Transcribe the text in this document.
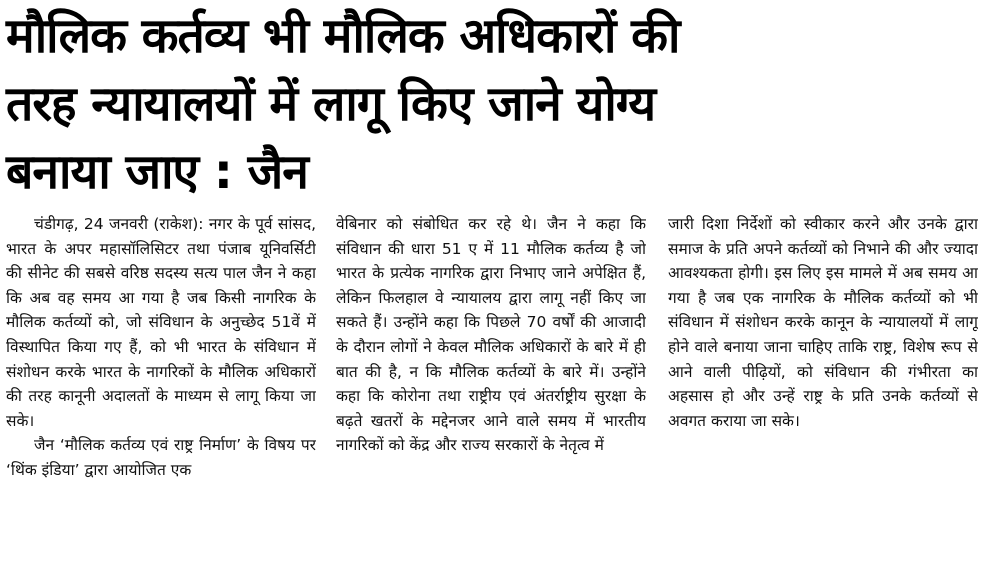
मौलिक कर्तव्य भी मौलिक अधिकारों की
तरह न्यायालयों में लागू किए जाने योग्य
बनाया जाए : जैन

चंडीगढ़, 24 जनवरी (राकेश): नगर के पूर्व सांसद, भारत के अपर महासॉलिसिटर तथा पंजाब यूनिवर्सिटी की सीनेट की सबसे वरिष्ठ सदस्य सत्य पाल जैन ने कहा कि अब वह समय आ गया है जब किसी नागरिक के मौलिक कर्तव्यों को, जो संविधान के अनुच्छेद 51वें में विस्थापित किया गए हैं, को भी भारत के संविधान में संशोधन करके भारत के नागरिकों के मौलिक अधिकारों की तरह कानूनी अदालतों के माध्यम से लागू किया जा सके।

जैन ‘मौलिक कर्तव्य एवं राष्ट्र निर्माण’ के विषय पर ‘थिंक इंडिया’ द्वारा आयोजित एक

वेबिनार को संबोधित कर रहे थे। जैन ने कहा कि संविधान की धारा 51 ए में 11 मौलिक कर्तव्य है जो भारत के प्रत्येक नागरिक द्वारा निभाए जाने अपेक्षित हैं, लेकिन फिलहाल वे न्यायालय द्वारा लागू नहीं किए जा सकते हैं। उन्होंने कहा कि पिछले 70 वर्षों की आजादी के दौरान लोगों ने केवल मौलिक अधिकारों के बारे में ही बात की है, न कि मौलिक कर्तव्यों के बारे में। उन्होंने कहा कि कोरोना तथा राष्ट्रीय एवं अंतर्राष्ट्रीय सुरक्षा के बढ़ते खतरों के मद्देनजर आने वाले समय में भारतीय नागरिकों को केंद्र और राज्य सरकारों के नेतृत्व में

जारी दिशा निर्देशों को स्वीकार करने और उनके द्वारा समाज के प्रति अपने कर्तव्यों को निभाने की और ज्यादा आवश्यकता होगी। इस लिए इस मामले में अब समय आ गया है जब एक नागरिक के मौलिक कर्तव्यों को भी संविधान में संशोधन करके कानून के न्यायालयों में लागू होने वाले बनाया जाना चाहिए ताकि राष्ट्र, विशेष रूप से आने वाली पीढ़ियों, को संविधान की गंभीरता का अहसास हो और उन्हें राष्ट्र के प्रति उनके कर्तव्यों से अवगत कराया जा सके।
